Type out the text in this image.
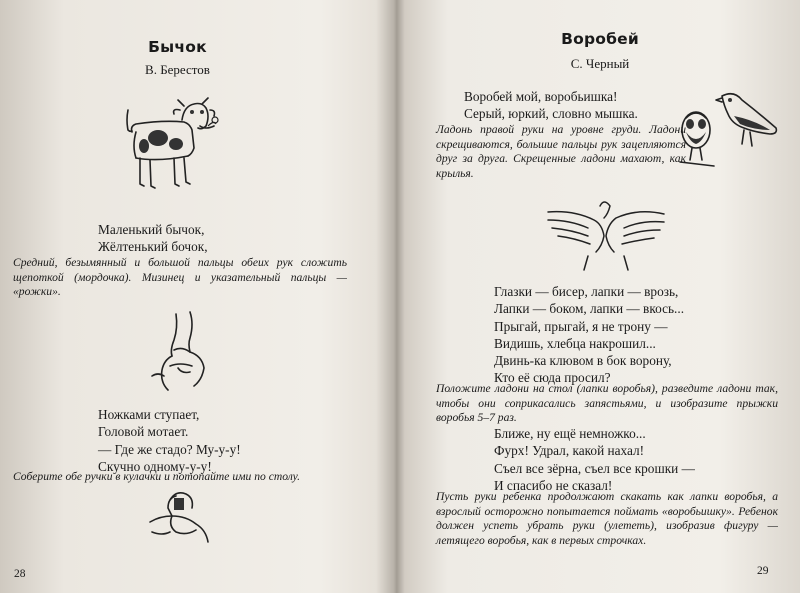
Бычок
В. Берестов
Маленький бычок,
Жёлтенький бочок,
Средний, безымянный и большой пальцы обеих рук сложить щепоткой (мордочка). Мизинец и указательный пальцы — «рожки».
Ножками ступает,
Головой мотает.
— Где же стадо? Му-у-у!
Скучно одному-у-у!
Соберите обе ручки в кулачки и потопайте ими по столу.
28
Воробей
С. Черный
Воробей мой, воробьишка!
Серый, юркий, словно мышка.
Ладонь правой руки на уровне груди. Ладони скрещиваются, большие пальцы рук зацепляются друг за друга. Скрещенные ладони махают, как крылья.
Глазки — бисер, лапки — врозь,
Лапки — боком, лапки — вкось...
Прыгай, прыгай, я не трону —
Видишь, хлебца накрошил...
Двинь-ка клювом в бок ворону,
Кто её сюда просил?
Положите ладони на стол (лапки воробья), разведите ладони так, чтобы они соприкасались запястьями, и изобразите прыжки воробья 5–7 раз.
Ближе, ну ещё немножко...
Фурх! Удрал, какой нахал!
Съел все зёрна, съел все крошки —
И спасибо не сказал!
Пусть руки ребенка продолжают скакать как лапки воробья, а взрослый осторожно попытается поймать «воробьишку». Ребенок должен успеть убрать руки (улететь), изобразив фигуру — летящего воробья, как в первых строчках.
29
